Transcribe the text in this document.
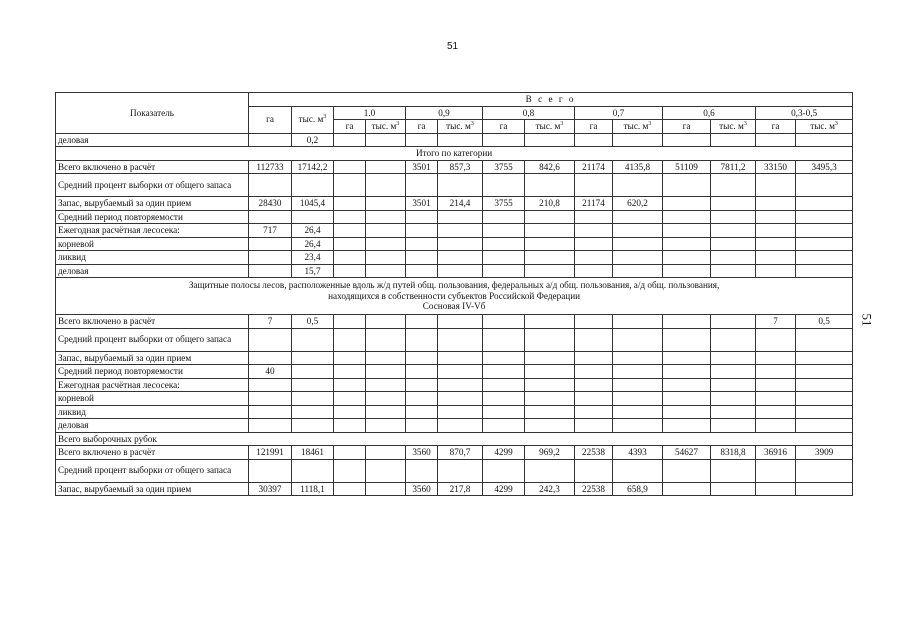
51
51
Показатель	В с е г о													
	га	тыс. $м^3$	1.0		0,9		0,8		0,7		0,6		0,3-0,5	
			га	тыс. $м^3$	га	тыс. $м^3$	га	тыс. $м^3$	га	тыс. $м^3$	га	тыс. $м^3$	га	тыс. $м^3$
деловая		0,2												

Итого по категории														

Всего включено в расчёт	112733	17142,2			3501	857,3	3755	842,6	21174	4135,8	51109	7811,2	33150	3495,3
Средний процент выборки от общего запаса														
Запас, вырубаемый за один прием	28430	1045,4			3501	214,4	3755	210,8	21174	620,2				
Средний период повторяемости														
Ежегодная расчётная лесосека:	717	26,4												
корневой		26,4												
ликвид		23,4												
деловая		15,7												

Защитные полосы лесов, расположенные вдоль ж/д путей общ. пользования, федеральных а/д общ. пользования, а/д общ. пользования,
находящихся в собственности субъектов Российской Федерации
Сосновая IV-Vб														

Всего включено в расчёт	7	0,5											7	0,5
Средний процент выборки от общего запаса														
Запас, вырубаемый за один прием														
Средний период повторяемости	40													
Ежегодная расчётная лесосека:														
корневой														
ликвид														
деловая														

Всего выборочных рубок														

Всего включено в расчёт	121991	18461			3560	870,7	4299	969,2	22538	4393	54627	8318,8	36916	3909
Средний процент выборки от общего запаса														
Запас, вырубаемый за один прием	30397	1118,1			3560	217,8	4299	242,3	22538	658,9				
